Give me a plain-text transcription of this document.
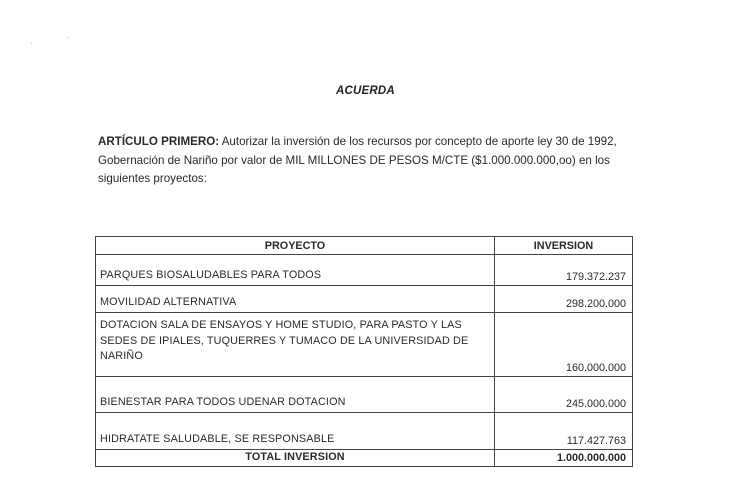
ˋ
·
ACUERDA
ARTÍCULO PRIMERO: Autorizar la inversión de los recursos por concepto de aporte ley 30 de 1992, Gobernación de Nariño por valor de MIL MILLONES DE PESOS M/CTE ($1.000.000.000,oo) en los siguientes proyectos:
PROYECTO	INVERSION
PARQUES BIOSALUDABLES PARA TODOS	179.372.237
MOVILIDAD ALTERNATIVA	298.200.000
DOTACION SALA DE ENSAYOS Y HOME STUDIO, PARA PASTO Y LAS SEDES DE IPIALES, TUQUERRES Y TUMACO DE LA UNIVERSIDAD DE NARIÑO	160.000.000
BIENESTAR PARA TODOS UDENAR DOTACION	245.000.000
HIDRATATE SALUDABLE, SE RESPONSABLE	117.427.763
TOTAL INVERSION	1.000.000.000
